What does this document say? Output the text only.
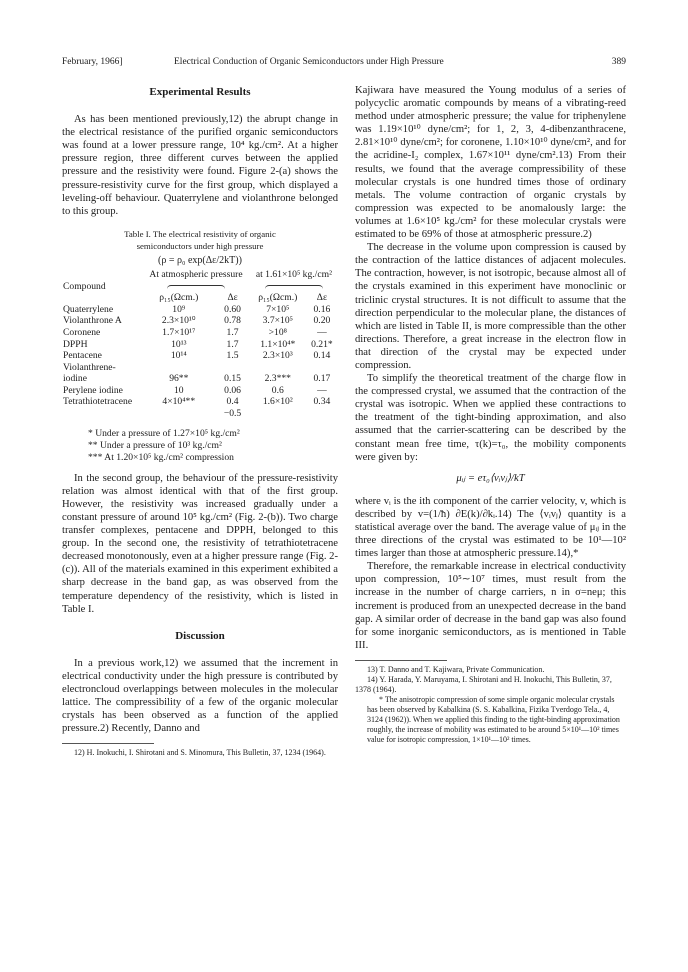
February, 1966]	Electrical Conduction of Organic Semiconductors under High Pressure	389
Experimental Results

As has been mentioned previously,12) the abrupt change in the electrical resistance of the purified organic semiconductors was found at a lower pressure range, 10⁴ kg./cm². At a higher pressure region, three different curves between the applied pressure and the resistivity were found. Figure 2-(a) shows the pressure-resistivity curve for the first group, which displayed a leveling-off behaviour. Quaterrylene and violanthrone belonged to this group.

Table I. The electrical resistivity of organic
semiconductors under high pressure
(ρ = ρ₀ exp(Δε/2kT))
	At atmospheric pressure		at 1.61×10⁵ kg./cm²	
Compound				
	ρ₁₅(Ωcm.)	Δε	ρ₁₅(Ωcm.)	Δε
Quaterrylene	10⁹	0.60	7×10⁵	0.16
Violanthrone A	2.3×10¹⁰	0.78	3.7×10⁵	0.20
Coronene	1.7×10¹⁷	1.7	>10⁸	—
DPPH	10¹³	1.7	1.1×10⁴*	0.21*
Pentacene	10¹⁴	1.5	2.3×10³	0.14
Violanthrene-				
iodine	96**	0.15	2.3***	0.17
Perylene iodine	10	0.06	0.6	—
Tetrathiotetracene	4×10⁴**	0.4	1.6×10²	0.34
		−0.5		
* Under a pressure of 1.27×10⁵ kg./cm²
** Under a pressure of 10³ kg./cm²
*** At 1.20×10⁵ kg./cm² compression

In the second group, the behaviour of the pressure-resistivity relation was almost identical with that of the first group. However, the resistivity was increased gradually under a constant pressure of around 10⁵ kg./cm² (Fig. 2-(b)). Two charge transfer complexes, pentacene and DPPH, belonged to this group. In the second one, the resistivity of tetrathiotetracene decreased monotonously, even at a higher pressure range (Fig. 2-(c)). All of the materials examined in this experiment exhibited a sharp decrease in the band gap, as was observed from the temperature dependency of the resistivity, which is listed in Table I.

Discussion

In a previous work,12) we assumed that the increment in electrical conductivity under the high pressure is contributed by electroncloud overlappings between molecules in the molecular lattice. The compressibility of a few of the organic molecular crystals has been observed as a function of the applied pressure.2) Recently, Danno and

12) H. Inokuchi, I. Shirotani and S. Minomura, This Bulletin, 37, 1234 (1964).

Kajiwara have measured the Young modulus of a series of polycyclic aromatic compounds by means of a vibrating-reed method under atmospheric pressure; the value for triphenylene was 1.19×10¹⁰ dyne/cm²; for 1, 2, 3, 4-dibenzanthracene, 2.81×10¹⁰ dyne/cm²; for coronene, 1.10×10¹⁰ dyne/cm², and for the acridine-I₂ complex, 1.67×10¹¹ dyne/cm².13) From their results, we found that the average compressibility of these molecular crystals is one hundred times those of ordinary metals. The volume contraction of organic crystals by compression was expected to be anomalously large: the volumes at 1.6×10⁵ kg./cm² for these molecular crystals were estimated to be 69% of those at atmospheric pressure.2)

The decrease in the volume upon compression is caused by the contraction of the lattice distances of adjacent molecules. The contraction, however, is not isotropic, because almost all of the crystals examined in this experiment have monoclinic or triclinic crystal structures. It is not difficult to assume that the direction perpendicular to the molecular plane, the distances of which are listed in Table II, is more compressible than the other directions. Therefore, a great increase in the electron flow in that direction of the crystal may be expected under compression.

To simplify the theoretical treatment of the charge flow in the compressed crystal, we assumed that the contraction of the crystal was isotropic. When we applied these contractions to the treatment of the tight-binding approximation, and also assumed that the carrier-scattering can be described by the constant mean free time, τ(k)=τ₀, the mobility components were given by:

μᵢⱼ = eτ₀⟨vᵢvⱼ⟩/kT

where vᵢ is the ith component of the carrier velocity, v, which is described by v=(1/ħ) ∂E(k)/∂kᵢ.14) The ⟨vᵢvⱼ⟩ quantity is a statistical average over the band. The average value of μᵢⱼ in the three directions of the crystal was estimated to be 10¹—10² times larger than those at atmospheric pressure.14),*

Therefore, the remarkable increase in electrical conductivity upon compression, 10⁵∼10⁷ times, must result from the increase in the number of charge carriers, n in σ=neμ; this increment is produced from an unexpected decrease in the band gap. A similar order of decrease in the band gap was also found for some inorganic semiconductors, as is mentioned in Table III.

13) T. Danno and T. Kajiwara, Private Communication.

14) Y. Harada, Y. Maruyama, I. Shirotani and H. Inokuchi, This Bulletin, 37, 1378 (1964).

* The anisotropic compression of some simple organic molecular crystals has been observed by Kabalkina (S. S. Kabalkina, Fizika Tverdogo Tela., 4, 3124 (1962)). When we applied this finding to the tight-binding approximation roughly, the increase of mobility was estimated to be around 5×10¹—10² times value for isotropic compression, 1×10¹—10² times.
